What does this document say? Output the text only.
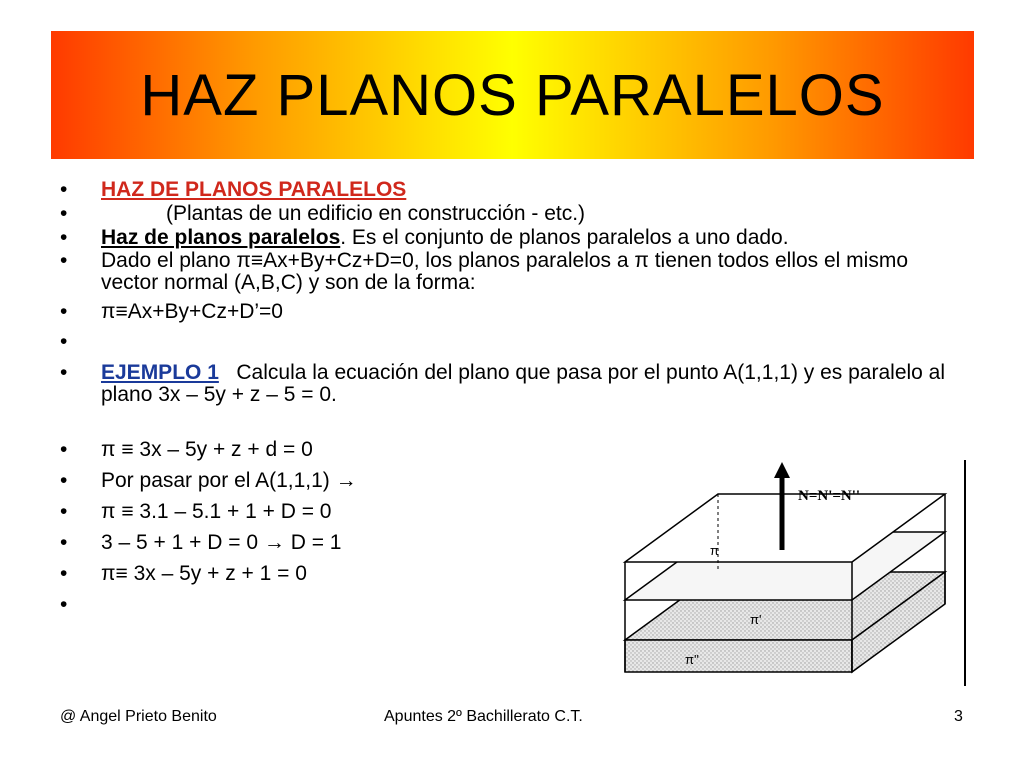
HAZ PLANOS PARALELOS
• HAZ DE PLANOS PARALELOS
• (Plantas de un edificio en construcción - etc.)
• Haz de planos paralelos. Es el conjunto de planos paralelos a uno dado.
• Dado el plano π≡Ax+By+Cz+D=0, los planos paralelos a π tienen todos ellos el mismo vector normal (A,B,C) y son de la forma:
• π≡Ax+By+Cz+D’=0
•
• EJEMPLO 1 Calcula la ecuación del plano que pasa por el punto A(1,1,1) y es paralelo al plano 3x – 5y + z – 5 = 0.
• π ≡ 3x – 5y + z + d = 0
• Por pasar por el A(1,1,1) →
• π ≡ 3.1 – 5.1 + 1 + D = 0
• 3 – 5 + 1 + D = 0 → D = 1
• π≡ 3x – 5y + z + 1 = 0
•
N=N'=N''
π
π'
π''
@ Angel Prieto Benito	Apuntes 2º Bachillerato C.T.	3
